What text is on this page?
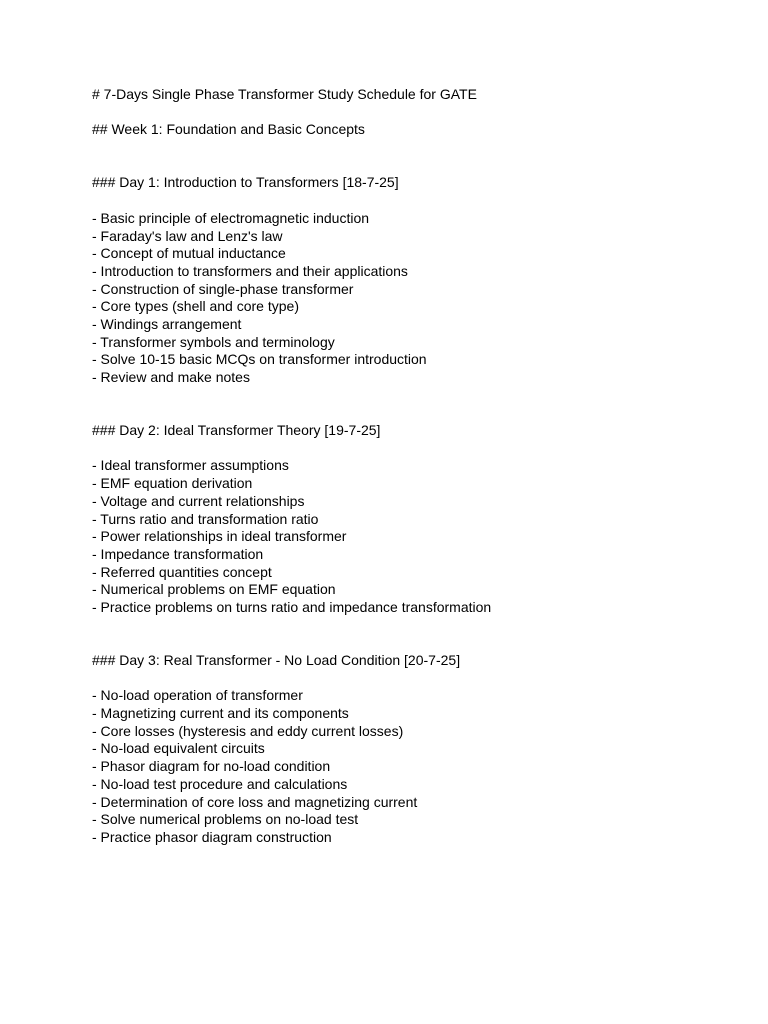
# 7-Days Single Phase Transformer Study Schedule for GATE
## Week 1: Foundation and Basic Concepts
### Day 1: Introduction to Transformers [18-7-25]
- Basic principle of electromagnetic induction
- Faraday's law and Lenz's law
- Concept of mutual inductance
- Introduction to transformers and their applications
- Construction of single-phase transformer
- Core types (shell and core type)
- Windings arrangement
- Transformer symbols and terminology
- Solve 10-15 basic MCQs on transformer introduction
- Review and make notes
### Day 2: Ideal Transformer Theory [19-7-25]
- Ideal transformer assumptions
- EMF equation derivation
- Voltage and current relationships
- Turns ratio and transformation ratio
- Power relationships in ideal transformer
- Impedance transformation
- Referred quantities concept
- Numerical problems on EMF equation
- Practice problems on turns ratio and impedance transformation
### Day 3: Real Transformer - No Load Condition [20-7-25]
- No-load operation of transformer
- Magnetizing current and its components
- Core losses (hysteresis and eddy current losses)
- No-load equivalent circuits
- Phasor diagram for no-load condition
- No-load test procedure and calculations
- Determination of core loss and magnetizing current
- Solve numerical problems on no-load test
- Practice phasor diagram construction
